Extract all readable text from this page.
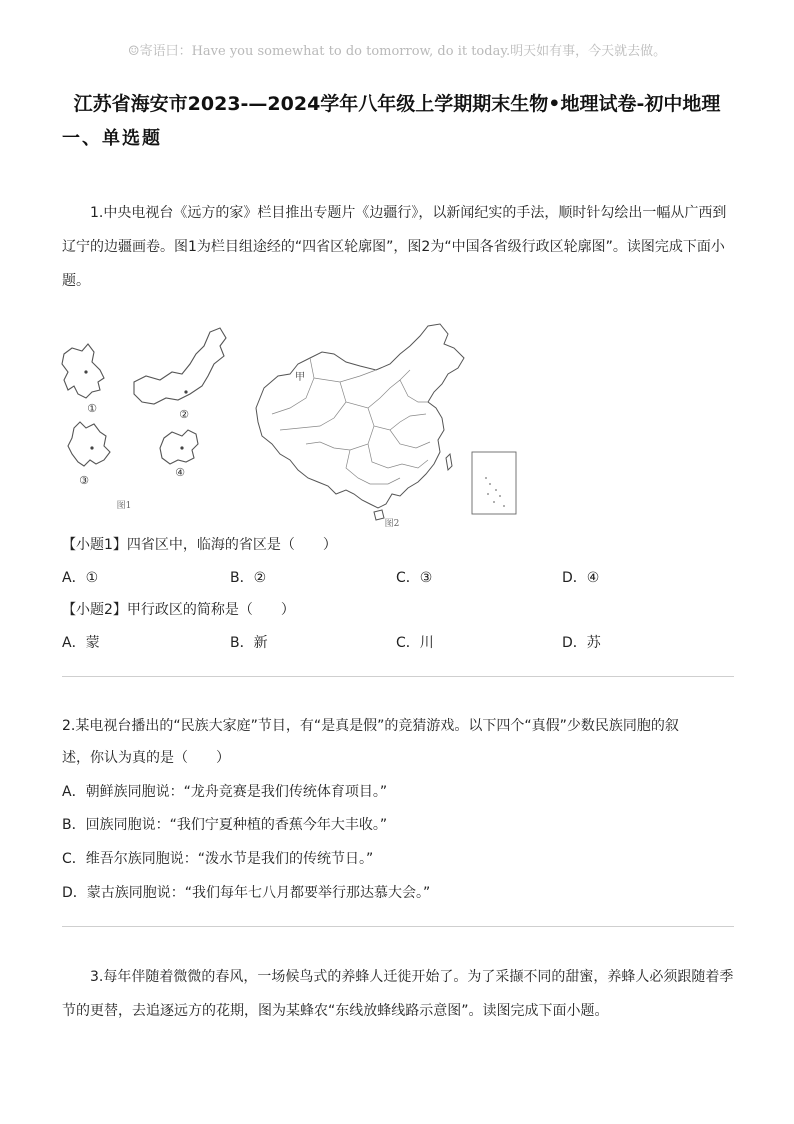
☺寄语曰：Have you somewhat to do tomorrow, do it today.明天如有事，今天就去做。
江苏省海安市2023-—2024学年八年级上学期期末生物•地理试卷-初中地理
一、单选题
1.中央电视台《远方的家》栏目推出专题片《边疆行》，以新闻纪实的手法，顺时针勾绘出一幅从广西到辽宁的边疆画卷。图1为栏目组途经的“四省区轮廓图”，图2为“中国各省级行政区轮廓图”。读图完成下面小题。
①	②
③
④
图1
甲
图2
【小题1】四省区中，临海的省区是（　　）
A．①	B．②	C．③	D．④
【小题2】甲行政区的简称是（　　）
A．蒙	B．新	C．川	D．苏
2.某电视台播出的“民族大家庭”节目，有“是真是假”的竞猜游戏。以下四个“真假”少数民族同胞的叙
述，你认为真的是（　　）
A．朝鲜族同胞说：“龙舟竞赛是我们传统体育项目。”
B．回族同胞说：“我们宁夏种植的香蕉今年大丰收。”
C．维吾尔族同胞说：“泼水节是我们的传统节日。”
D．蒙古族同胞说：“我们每年七八月都要举行那达慕大会。”
3.每年伴随着微微的春风，一场候鸟式的养蜂人迁徙开始了。为了采撷不同的甜蜜，养蜂人必须跟随着季节的更替，去追逐远方的花期，图为某蜂农“东线放蜂线路示意图”。读图完成下面小题。
